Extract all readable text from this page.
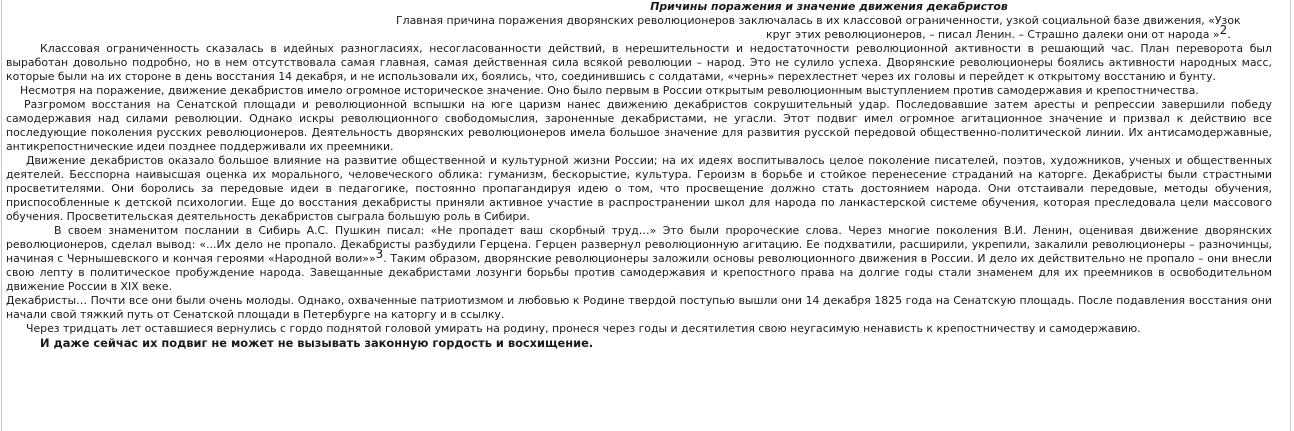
Причины поражения и значение движения декабристов

Главная причина поражения дворянских революционеров заключалась в их классовой ограниченности, узкой социальной базе движения, «Узок
круг этих революционеров, – писал Ленин. – Страшно далеки они от народа »$^2$.

Классовая ограниченность сказалась в идейных разногласиях, несогласованности действий, в нерешительности и недостаточности революционной активности в решающий час. План переворота был выработан довольно подробно, но в нем отсутствовала самая главная, самая действенная сила всякой революции – народ. Это не сулило успеха. Дворянские революционеры боялись активности народных масс, которые были на их стороне в день восстания 14 декабря, и не использовали их, боялись, что, соединившись с солдатами, «чернь» перехлестнет через их головы и перейдет к открытому восстанию и бунту.

Несмотря на поражение, движение декабристов имело огромное историческое значение. Оно было первым в России открытым революционным выступлением против самодержавия и крепостничества.

Разгромом восстания на Сенатской площади и революционной вспышки на юге царизм нанес движению декабристов сокрушительный удар. Последовавшие затем аресты и репрессии завершили победу самодержавия над силами революции. Однако искры революционного свободомыслия, зароненные декабристами, не угасли. Этот подвиг имел огромное агитационное значение и призвал к действию все последующие поколения русских революционеров. Деятельность дворянских революционеров имела большое значение для развития русской передовой общественно-политической линии. Их антисамодержавные, антикрепостнические идеи позднее поддерживали их преемники.

Движение декабристов оказало большое влияние на развитие общественной и культурной жизни России; на их идеях воспитывалось целое поколение писателей, поэтов, художников, ученых и общественных деятелей. Бесспорна наивысшая оценка их морального, человеческого облика: гуманизм, бескорыстие, культура. Героизм в борьбе и стойкое перенесение страданий на каторге. Декабристы были страстными просветителями. Они боролись за передовые идеи в педагогике, постоянно пропагандируя идею о том, что просвещение должно стать достоянием народа. Они отстаивали передовые, методы обучения, приспособленные к детской психологии. Еще до восстания декабристы приняли активное участие в распространении школ для народа по ланкастерской системе обучения, которая преследовала цели массового обучения. Просветительская деятельность декабристов сыграла большую роль в Сибири.

В своем знаменитом послании в Сибирь А.С. Пушкин писал: «Не пропадет ваш скорбный труд…» Это были пророческие слова. Через многие поколения В.И. Ленин, оценивая движение дворянских революционеров, сделал вывод: «...Их дело не пропало. Декабристы разбудили Герцена. Герцен развернул революционную агитацию. Ее подхватили, расширили, укрепили, закалили революционеры – разночинцы, начиная с Чернышевского и кончая героями «Народной воли»»$^3$. Таким образом, дворянские революционеры заложили основы революционного движения в России. И дело их действительно не пропало – они внесли свою лепту в политическое пробуждение народа. Завещанные декабристами лозунги борьбы против самодержавия и крепостного права на долгие годы стали знаменем для их преемников в освободительном движение России в XIX веке.

Декабристы… Почти все они были очень молоды. Однако, охваченные патриотизмом и любовью к Родине твердой поступью вышли они 14 декабря 1825 года на Сенатскую площадь. После подавления восстания они начали свой тяжкий путь от Сенатской площади в Петербурге на каторгу и в ссылку.

Через тридцать лет оставшиеся вернулись с гордо поднятой головой умирать на родину, пронеся через годы и десятилетия свою неугасимую ненависть к крепостничеству и самодержавию.

И даже сейчас их подвиг не может не вызывать законную гордость и восхищение.
